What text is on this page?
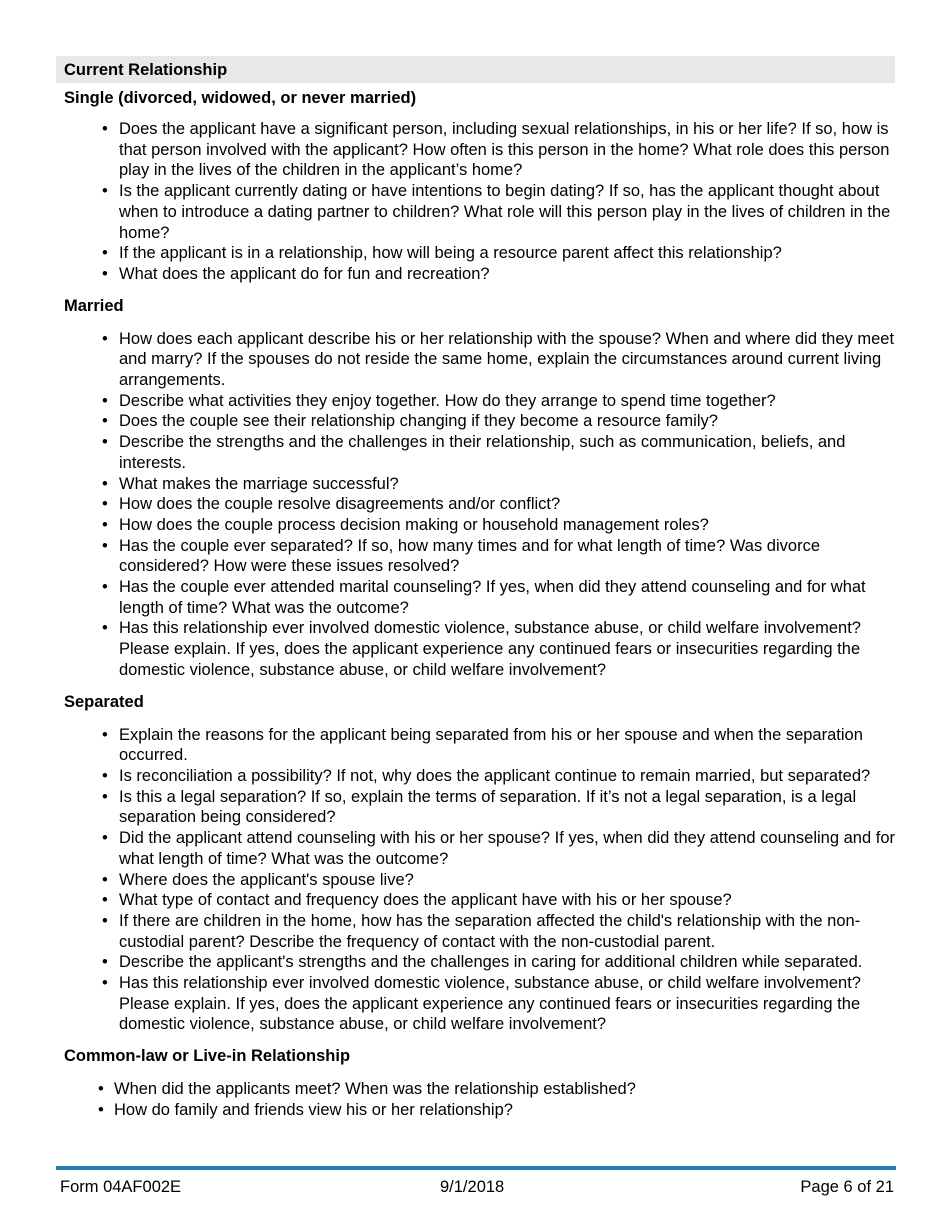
Current Relationship
Single (divorced, widowed, or never married)
• Does the applicant have a significant person, including sexual relationships, in his or her life? If so, how is that person involved with the applicant? How often is this person in the home? What role does this person play in the lives of the children in the applicant’s home?
• Is the applicant currently dating or have intentions to begin dating? If so, has the applicant thought about when to introduce a dating partner to children? What role will this person play in the lives of children in the home?
• If the applicant is in a relationship, how will being a resource parent affect this relationship?
• What does the applicant do for fun and recreation?
Married
• How does each applicant describe his or her relationship with the spouse? When and where did they meet and marry? If the spouses do not reside the same home, explain the circumstances around current living arrangements.
• Describe what activities they enjoy together. How do they arrange to spend time together?
• Does the couple see their relationship changing if they become a resource family?
• Describe the strengths and the challenges in their relationship, such as communication, beliefs, and interests.
• What makes the marriage successful?
• How does the couple resolve disagreements and/or conflict?
• How does the couple process decision making or household management roles?
• Has the couple ever separated? If so, how many times and for what length of time? Was divorce considered? How were these issues resolved?
• Has the couple ever attended marital counseling? If yes, when did they attend counseling and for what length of time? What was the outcome?
• Has this relationship ever involved domestic violence, substance abuse, or child welfare involvement? Please explain. If yes, does the applicant experience any continued fears or insecurities regarding the domestic violence, substance abuse, or child welfare involvement?
Separated
• Explain the reasons for the applicant being separated from his or her spouse and when the separation occurred.
• Is reconciliation a possibility? If not, why does the applicant continue to remain married, but separated?
• Is this a legal separation? If so, explain the terms of separation. If it’s not a legal separation, is a legal separation being considered?
• Did the applicant attend counseling with his or her spouse? If yes, when did they attend counseling and for what length of time? What was the outcome?
• Where does the applicant's spouse live?
• What type of contact and frequency does the applicant have with his or her spouse?
• If there are children in the home, how has the separation affected the child's relationship with the non-custodial parent? Describe the frequency of contact with the non-custodial parent.
• Describe the applicant's strengths and the challenges in caring for additional children while separated.
• Has this relationship ever involved domestic violence, substance abuse, or child welfare involvement? Please explain. If yes, does the applicant experience any continued fears or insecurities regarding the domestic violence, substance abuse, or child welfare involvement?
Common-law or Live-in Relationship
• When did the applicants meet? When was the relationship established?
• How do family and friends view his or her relationship?
Form 04AF002E	9/1/2018	Page 6 of 21
